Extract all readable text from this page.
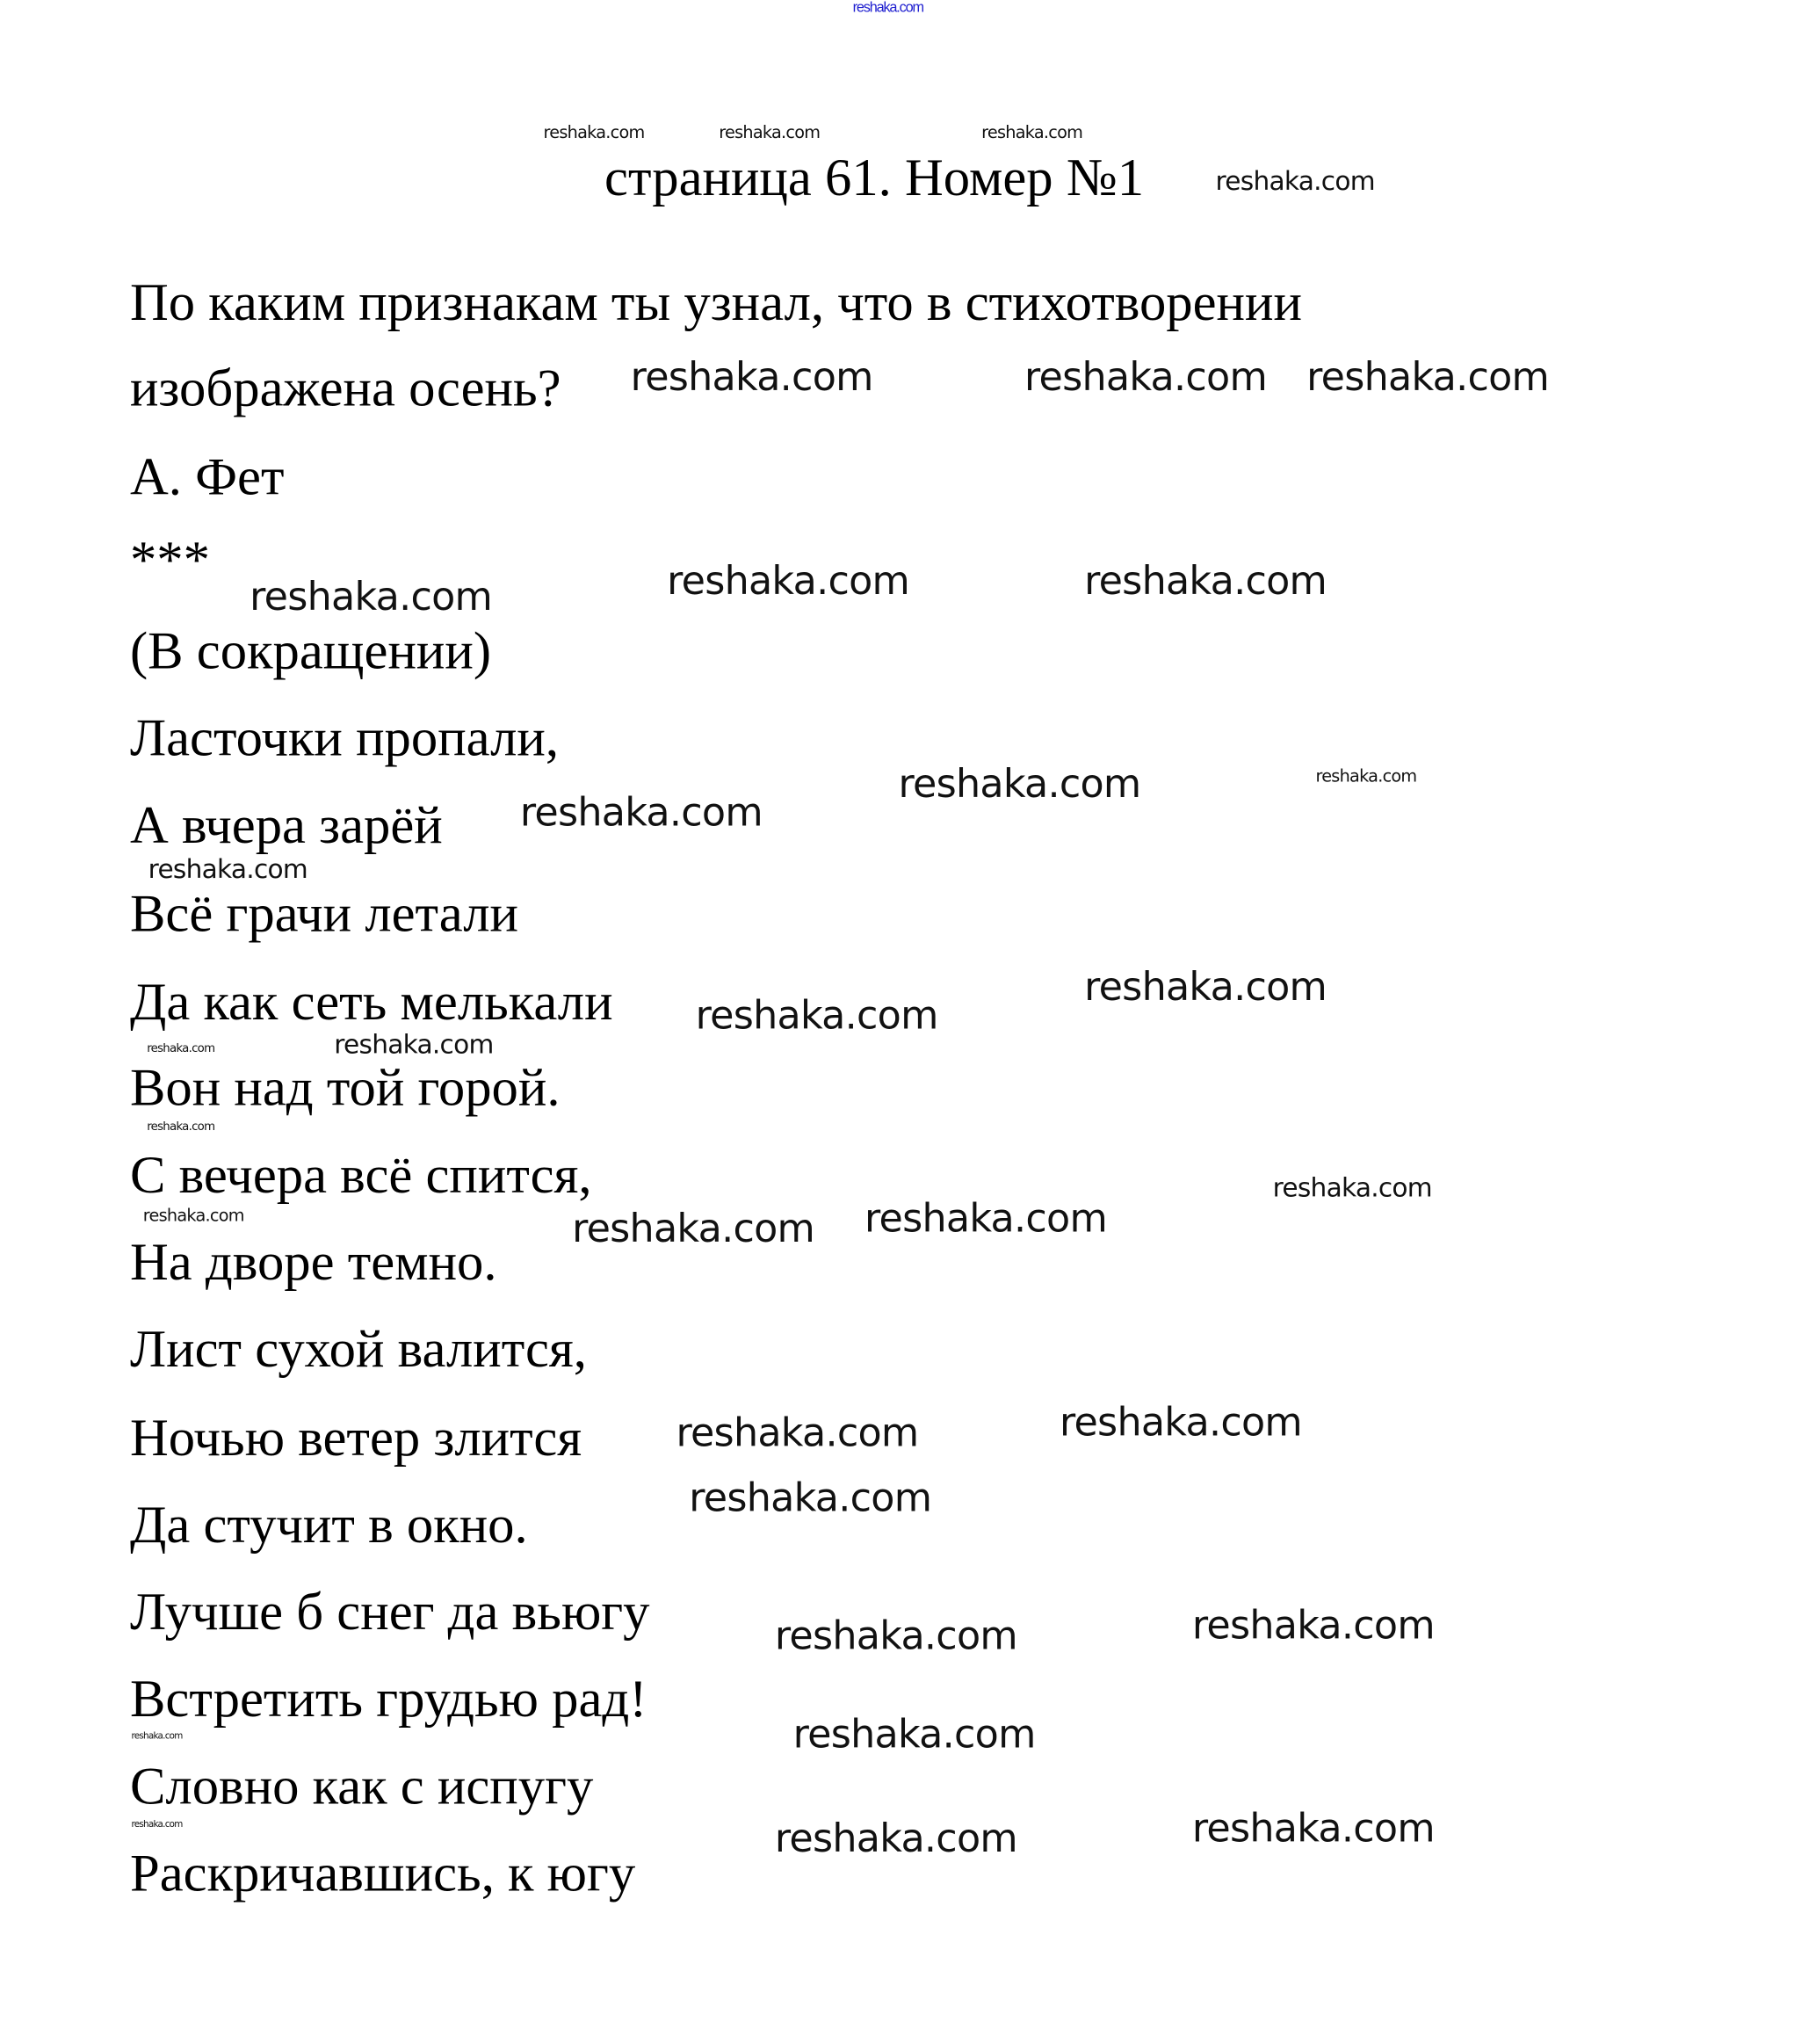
reshaka.com
страница 61. Номер №1
По каким признакам ты узнал, что в стихотворении
изображена осень?
А. Фет
***
(В сокращении)
Ласточки пропали,
А вчера зарёй
Всё грачи летали
Да как сеть мелькали
Вон над той горой.
С вечера всё спится,
На дворе темно.
Лист сухой валится,
Ночью ветер злится
Да стучит в окно.
Лучше б снег да вьюгу
Встретить грудью рад!
Словно как с испугу
Раскричавшись, к югу
reshaka.com
reshaka.com	reshaka.com	reshaka.com
reshaka.com
reshaka.com	reshaka.com
reshaka.com	reshaka.com
reshaka.com
reshaka.com	reshaka.com
reshaka.com
reshaka.com
reshaka.com
reshaka.com
reshaka.com
reshaka.com
reshaka.com
reshaka.com
reshaka.com
reshaka.com	reshaka.com
reshaka.com	reshaka.com
reshaka.com
reshaka.com	reshaka.com
reshaka.com	reshaka.com
reshaka.com	reshaka.com	reshaka.com
